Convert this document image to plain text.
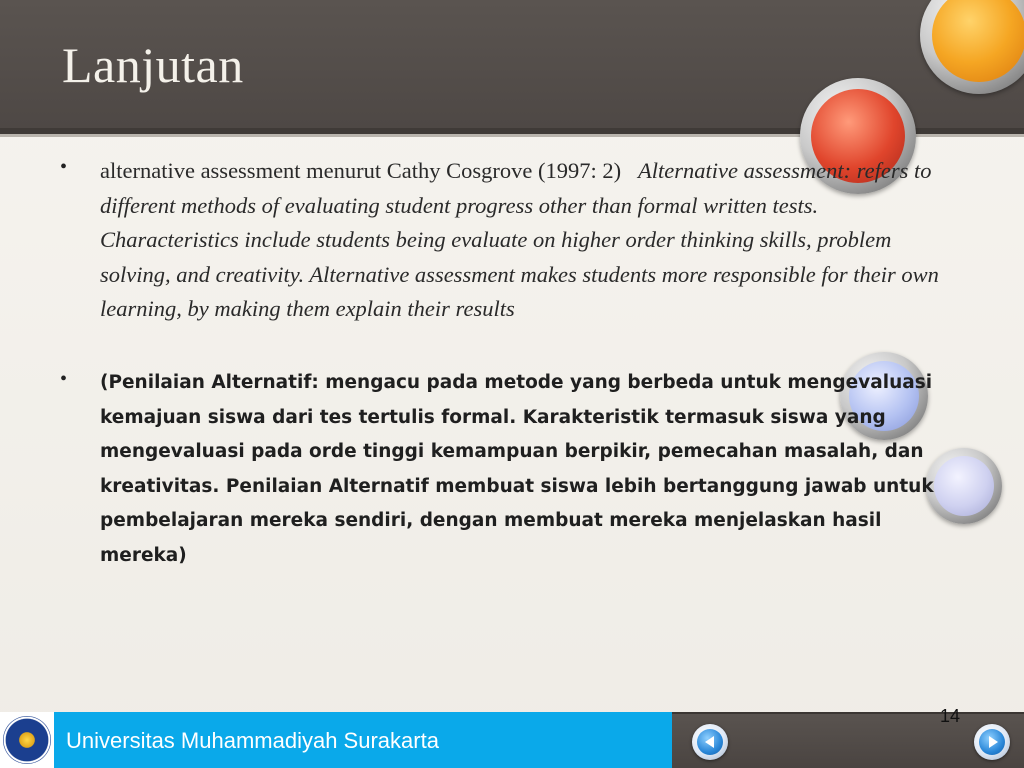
Lanjutan
• alternative assessment menurut Cathy Cosgrove (1997: 2) Alternative assessment: refers to different methods of evaluating student progress other than formal written tests. Characteristics include students being evaluate on higher order thinking skills, problem solving, and creativity. Alternative assessment makes students more responsible for their own learning, by making them explain their results
• (Penilaian Alternatif: mengacu pada metode yang berbeda untuk mengevaluasi kemajuan siswa dari tes tertulis formal. Karakteristik termasuk siswa yang mengevaluasi pada orde tinggi kemampuan berpikir, pemecahan masalah, dan kreativitas. Penilaian Alternatif membuat siswa lebih bertanggung jawab untuk pembelajaran mereka sendiri, dengan membuat mereka menjelaskan hasil mereka)
Universitas Muhammadiyah Surakarta
14
